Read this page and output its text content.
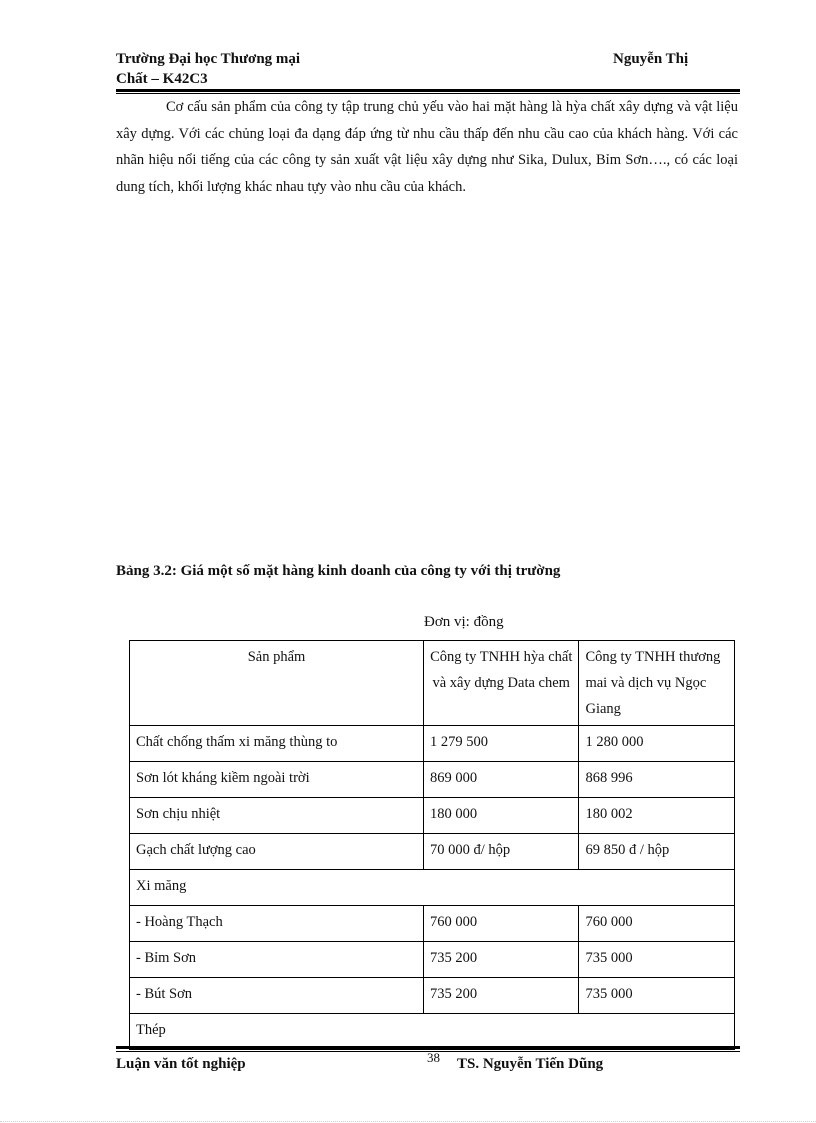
Trường Đại học Thương mại	Nguyễn Thị
Chất – K42C3
Cơ cấu sản phẩm của công ty tập trung chủ yếu vào hai mặt hàng là hỳa chất xây dựng và vật liệu xây dựng. Với các chủng loại đa dạng đáp ứng từ nhu cầu thấp đến nhu cầu cao của khách hàng. Với các nhãn hiệu nổi tiếng của các công ty sản xuất vật liệu xây dựng như Sika, Dulux, Bỉm Sơn…., có các loại dung tích, khối lượng khác nhau tựy vào nhu cầu của khách.
Bảng 3.2: Giá một số mặt hàng kinh doanh của công ty với thị trường
Đơn vị: đồng
Sản phẩm	Công ty TNHH hỳa chất và xây dựng Data chem	Công ty TNHH thương mai và dịch vụ Ngọc Giang
Chất chống thấm xi măng thùng to	1 279 500	1 280 000
Sơn lót kháng kiềm ngoài trời	869 000	868 996
Sơn chịu nhiệt	180 000	180 002
Gạch chất lượng cao	70 000 đ/ hộp	69 850 đ / hộp
Xi măng		
- Hoàng Thạch	760 000	760 000
- Bỉm Sơn	735 200	735 000
- Bút Sơn	735 200	735 000
Thép		
Luận văn tốt nghiệp	38 TS. Nguyễn Tiến Dũng
